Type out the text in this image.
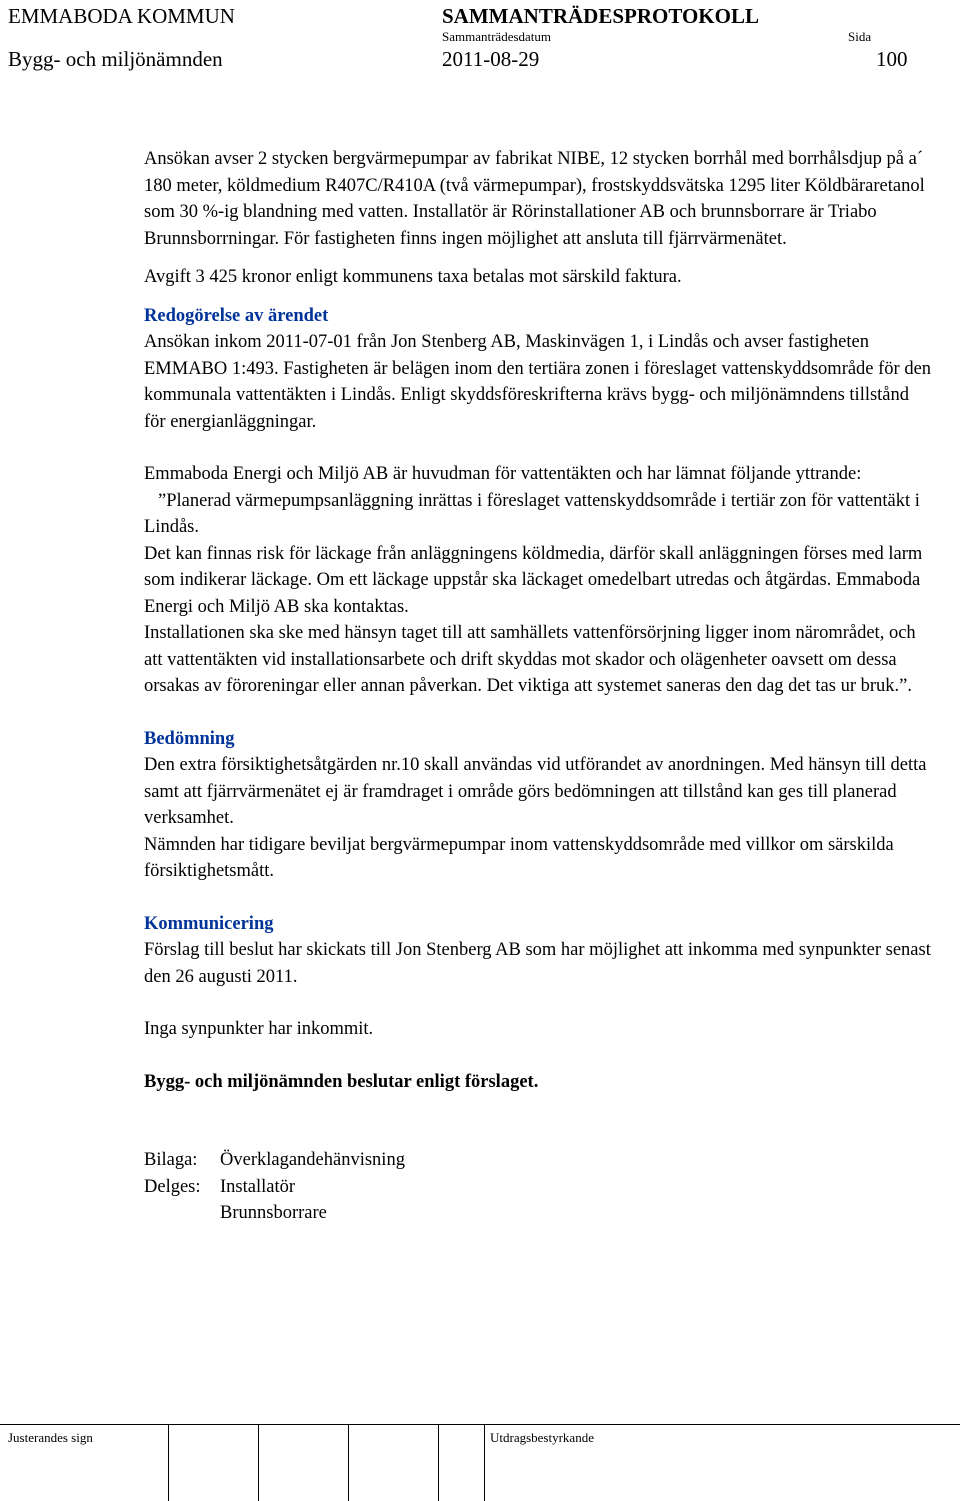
EMMABODA KOMMUN
Bygg- och miljönämnden
SAMMANTRÄDESPROTOKOLL
Sammanträdesdatum
2011-08-29
Sida
100

Ansökan avser 2 stycken bergvärmepumpar av fabrikat NIBE, 12 stycken borrhål med borrhålsdjup på a´ 180 meter, köldmedium R407C/R410A (två värmepumpar), frostskyddsvätska 1295 liter Köldbäraretanol som 30 %-ig blandning med vatten. Installatör är Rörinstallationer AB och brunnsborrare är Triabo Brunnsborrningar. För fastigheten finns ingen möjlighet att ansluta till fjärrvärmenätet.

Avgift 3 425 kronor enligt kommunens taxa betalas mot särskild faktura.

Redogörelse av ärendet

Ansökan inkom 2011-07-01 från Jon Stenberg AB, Maskinvägen 1, i Lindås och avser fastigheten EMMABO 1:493. Fastigheten är belägen inom den tertiära zonen i föreslaget vattenskyddsområde för den kommunala vattentäkten i Lindås. Enligt skyddsföreskrifterna krävs bygg- och miljönämndens tillstånd för energianläggningar.

Emmaboda Energi och Miljö AB är huvudman för vattentäkten och har lämnat följande yttrande:

”Planerad värmepumpsanläggning inrättas i föreslaget vattenskyddsområde i tertiär zon för vattentäkt i Lindås.

Det kan finnas risk för läckage från anläggningens köldmedia, därför skall anläggningen förses med larm som indikerar läckage. Om ett läckage uppstår ska läckaget omedelbart utredas och åtgärdas. Emmaboda Energi och Miljö AB ska kontaktas.

Installationen ska ske med hänsyn taget till att samhällets vattenförsörjning ligger inom närområdet, och att vattentäkten vid installationsarbete och drift skyddas mot skador och olägenheter oavsett om dessa orsakas av föroreningar eller annan påverkan. Det viktiga att systemet saneras den dag det tas ur bruk.”.

Bedömning

Den extra försiktighetsåtgärden nr.10 skall användas vid utförandet av anordningen. Med hänsyn till detta samt att fjärrvärmenätet ej är framdraget i område görs bedömningen att tillstånd kan ges till planerad verksamhet.

Nämnden har tidigare beviljat bergvärmepumpar inom vattenskyddsområde med villkor om särskilda försiktighetsmått.

Kommunicering

Förslag till beslut har skickats till Jon Stenberg AB som har möjlighet att inkomma med synpunkter senast den 26 augusti 2011.

Inga synpunkter har inkommit.

Bygg- och miljönämnden beslutar enligt förslaget.

Bilaga: Överklagandehänvisning

Delges: Installatör

Brunnsborrare

Justerandes sign	Utdragsbestyrkande
